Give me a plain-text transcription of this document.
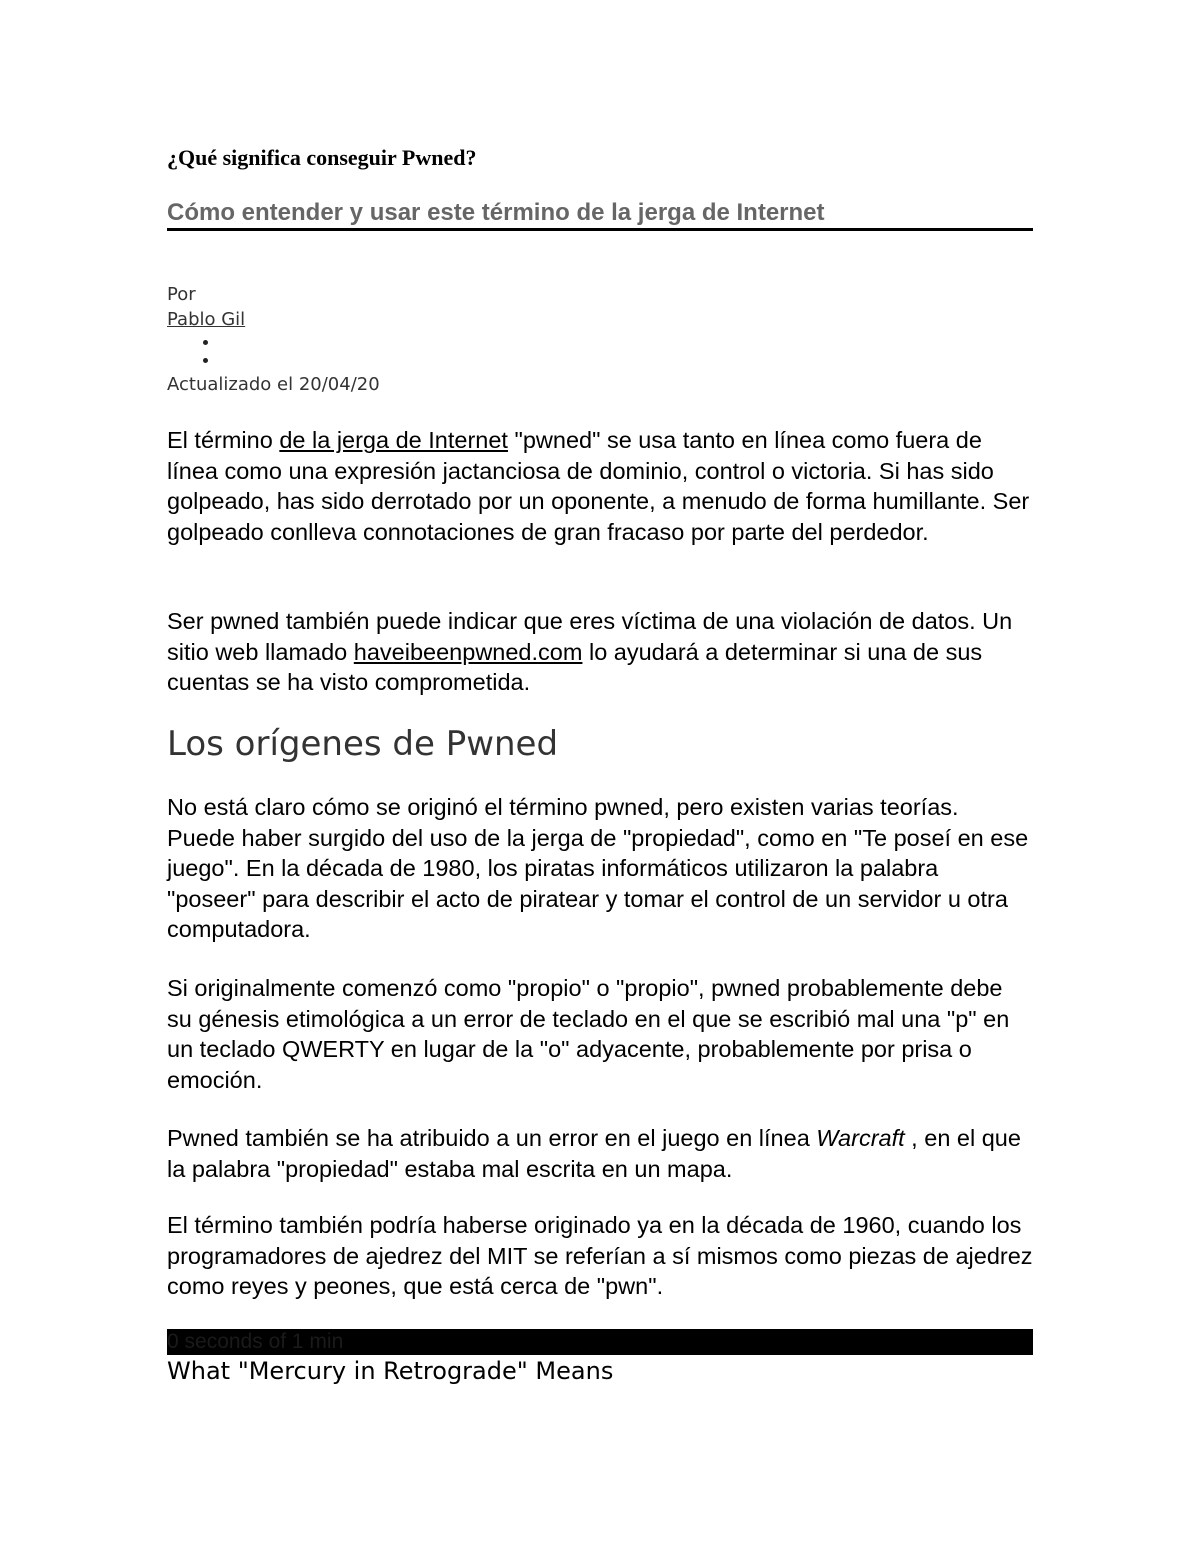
¿Qué significa conseguir Pwned?
Cómo entender y usar este término de la jerga de Internet
Por
Pablo Gil
Actualizado el 20/04/20
El término de la jerga de Internet "pwned" se usa tanto en línea como fuera de línea como una expresión jactanciosa de dominio, control o victoria. Si has sido golpeado, has sido derrotado por un oponente, a menudo de forma humillante. Ser golpeado conlleva connotaciones de gran fracaso por parte del perdedor.
Ser pwned también puede indicar que eres víctima de una violación de datos. Un sitio web llamado haveibeenpwned.com lo ayudará a determinar si una de sus cuentas se ha visto comprometida.
Los orígenes de Pwned
No está claro cómo se originó el término pwned, pero existen varias teorías. Puede haber surgido del uso de la jerga de "propiedad", como en "Te poseí en ese juego". En la década de 1980, los piratas informáticos utilizaron la palabra "poseer" para describir el acto de piratear y tomar el control de un servidor u otra computadora.
Si originalmente comenzó como "propio" o "propio", pwned probablemente debe su génesis etimológica a un error de teclado en el que se escribió mal una "p" en un teclado QWERTY en lugar de la "o" adyacente, probablemente por prisa o emoción.
Pwned también se ha atribuido a un error en el juego en línea Warcraft , en el que la palabra "propiedad" estaba mal escrita en un mapa.
El término también podría haberse originado ya en la década de 1960, cuando los programadores de ajedrez del MIT se referían a sí mismos como piezas de ajedrez como reyes y peones, que está cerca de "pwn".
0 seconds of 1 min
What "Mercury in Retrograde" Means
